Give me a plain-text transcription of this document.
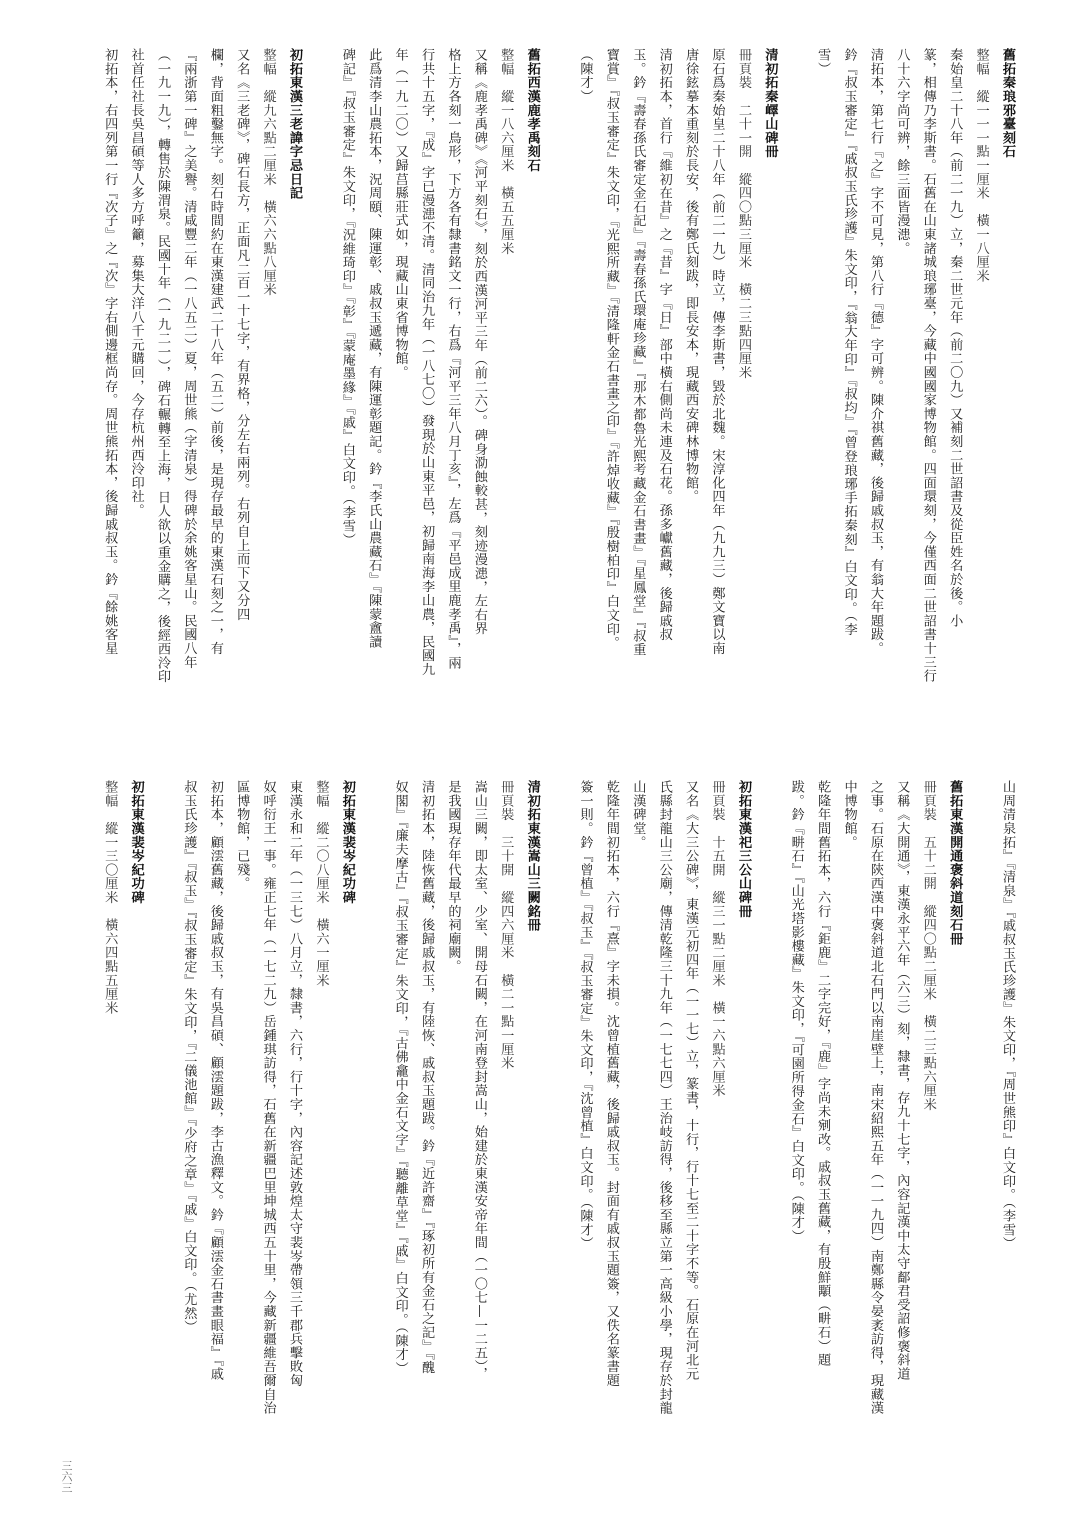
舊拓秦琅邪臺刻石
整幅　縱一一一點一厘米　橫一八厘米
秦始皇二十八年（前二一九）立，秦二世元年（前二〇九）又補刻二世詔書及從臣姓名於後。小
篆，相傳乃李斯書。石舊在山東諸城琅琊臺，今藏中國國家博物館。四面環刻，今僅西面二世詔書十三行
八十六字尚可辨，餘三面皆漫漶。
清拓本，第七行『之』字不可見，第八行『德』字可辨。陳介祺舊藏，後歸戚叔玉，有翁大年題跋。
鈐『叔玉審定』『戚叔玉氏珍護』朱文印，『翁大年印』『叔均』『曾登琅琊手拓秦刻』白文印。（李
雪）

清初拓秦嶧山碑冊
冊頁裝　二十一開　縱四〇點三厘米　橫二三點四厘米
原石爲秦始皇二十八年（前二一九）時立，傳李斯書，毀於北魏。宋淳化四年（九九三）鄭文寶以南
唐徐鉉摹本重刻於長安，後有鄭氏刻跋，即長安本，現藏西安碑林博物館。
清初拓本，首行『維初在昔』之『昔』字『日』部中橫右側尚未連及石花。孫多巘舊藏，後歸戚叔
玉。鈐『壽春孫氏審定金石記』『壽春孫氏環庵珍藏』『那木都魯光熙考藏金石書畫』『星鳳堂』『叔重
寶賞』『叔玉審定』朱文印，『光熙所藏』『清隆軒金石書畫之印』『許焯收藏』『殷樹柏印』白文印。
（陳才）

舊拓西漢鹿孝禹刻石
整幅　縱一八六厘米　橫五五厘米
又稱《鹿孝禹碑》《河平刻石》，刻於西漢河平三年（前二六）。碑身泐蝕較甚，刻迹漫漶，左右界
格上方各刻一鳥形，下方各有隸書銘文一行，右爲『河平三年八月丁亥』，左爲『平邑成里鹿孝禹』，兩
行共十五字，『成』字已漫漶不清。清同治九年（一八七〇）發現於山東平邑，初歸南海李山農，民國九
年（一九二〇）又歸莒縣莊式如，現藏山東省博物館。
此爲清李山農拓本，況周頤、陳運彰、戚叔玉遞藏，有陳運彰題記。鈐『李氏山農藏石』『陳蒙盦讀
碑記』『叔玉審定』朱文印，『況維琦印』『彰』『蒙庵墨緣』『戚』白文印。（李雪）

初拓東漢三老諱字忌日記
整幅　縱九六點二厘米　橫六六點八厘米
又名《三老碑》，碑石長方，正面凡二百一十七字，有界格，分左右兩列。右列自上而下又分四
欄，背面粗鑿無字。刻石時間約在東漢建武二十八年（五二）前後，是現存最早的東漢石刻之一，有
『兩浙第一碑』之美譽。清咸豐二年（一八五二）夏，周世熊（字清泉）得碑於余姚客星山。民國八年
（一九一九），轉售於陳渭泉。民國十年（一九二一），碑石輾轉至上海，日人欲以重金購之，後經西泠印
社首任社長吳昌碩等人多方呼籲，募集大洋八千元購回，今存杭州西泠印社。
初拓本，右四列第一行『次子』之『次』字右側邊框尚存。周世熊拓本，後歸戚叔玉。鈐『餘姚客星
山周清泉拓』『清泉』『戚叔玉氏珍護』朱文印，『周世熊印』白文印。（李雪）

舊拓東漢開通褒斜道刻石冊
冊頁裝　五十二開　縱四〇點二厘米　橫二三點六厘米
又稱《大開通》，東漢永平六年（六三）刻，隸書，存九十七字，內容記漢中太守鄐君受詔修褒斜道
之事。石原在陝西漢中褒斜道北石門以南崖壁上，南宋紹熙五年（一一九四）南鄭縣令晏袤訪得，現藏漢
中博物館。
乾隆年間舊拓本，六行『鉅鹿』二字完好，『鹿』字尚未剜改。戚叔玉舊藏，有殷鮮顒（畊石）題
跋。鈐『畊石』『山光塔影樓藏』朱文印，『可園所得金石』白文印。（陳才）

初拓東漢祀三公山碑冊
冊頁裝　十五開　縱三一點二厘米　橫一六點六厘米
又名《大三公碑》，東漢元初四年（一一七）立，篆書，十行，行十七至二十字不等。石原在河北元
氏縣封龍山三公廟，傳清乾隆三十九年（一七七四）王治岐訪得，後移至縣立第一高級小學，現存於封龍
山漢碑堂。
乾隆年間初拓本，六行『熹』字未損。沈曾植舊藏，後歸戚叔玉。封面有戚叔玉題簽，又佚名篆書題
簽一則。鈐『曾植』『叔玉』『叔玉審定』朱文印，『沈曾植』白文印。（陳才）

清初拓東漢嵩山三闕銘冊
冊頁裝　三十開　縱四六厘米　橫二一點一厘米
嵩山三闕，即太室、少室、開母石闕，在河南登封嵩山，始建於東漢安帝年間（一〇七—一二五），
是我國現存年代最早的祠廟闕。
清初拓本，陸恢舊藏，後歸戚叔玉，有陸恢、戚叔玉題跋。鈐『近許齋』『琢初所有金石之記』『醜
奴閣』『廉夫摩古』『叔玉審定』朱文印，『古佛龕中金石文字』『聽離草堂』『戚』白文印。（陳才）

初拓東漢裴岑紀功碑
整幅　縱二〇八厘米　橫六一厘米
東漢永和二年（一三七）八月立，隸書，六行，行十字，內容記述敦煌太守裴岑帶領三千郡兵擊敗匈
奴呼衍王一事。雍正七年（一七二九）岳鍾琪訪得，石舊在新疆巴里坤城西五十里，今藏新疆維吾爾自治
區博物館，已殘。
初拓本，顧澐舊藏，後歸戚叔玉，有吳昌碩、顧澐題跋，李古漁釋文。鈐『顧澐金石書畫眼福』『戚
叔玉氏珍護』『叔玉』『叔玉審定』朱文印，『二儀池館』『少府之章』『戚』白文印。（尤然）

初拓東漢裴岑紀功碑
整幅　縱一三〇厘米　橫六四點五厘米
三六三
